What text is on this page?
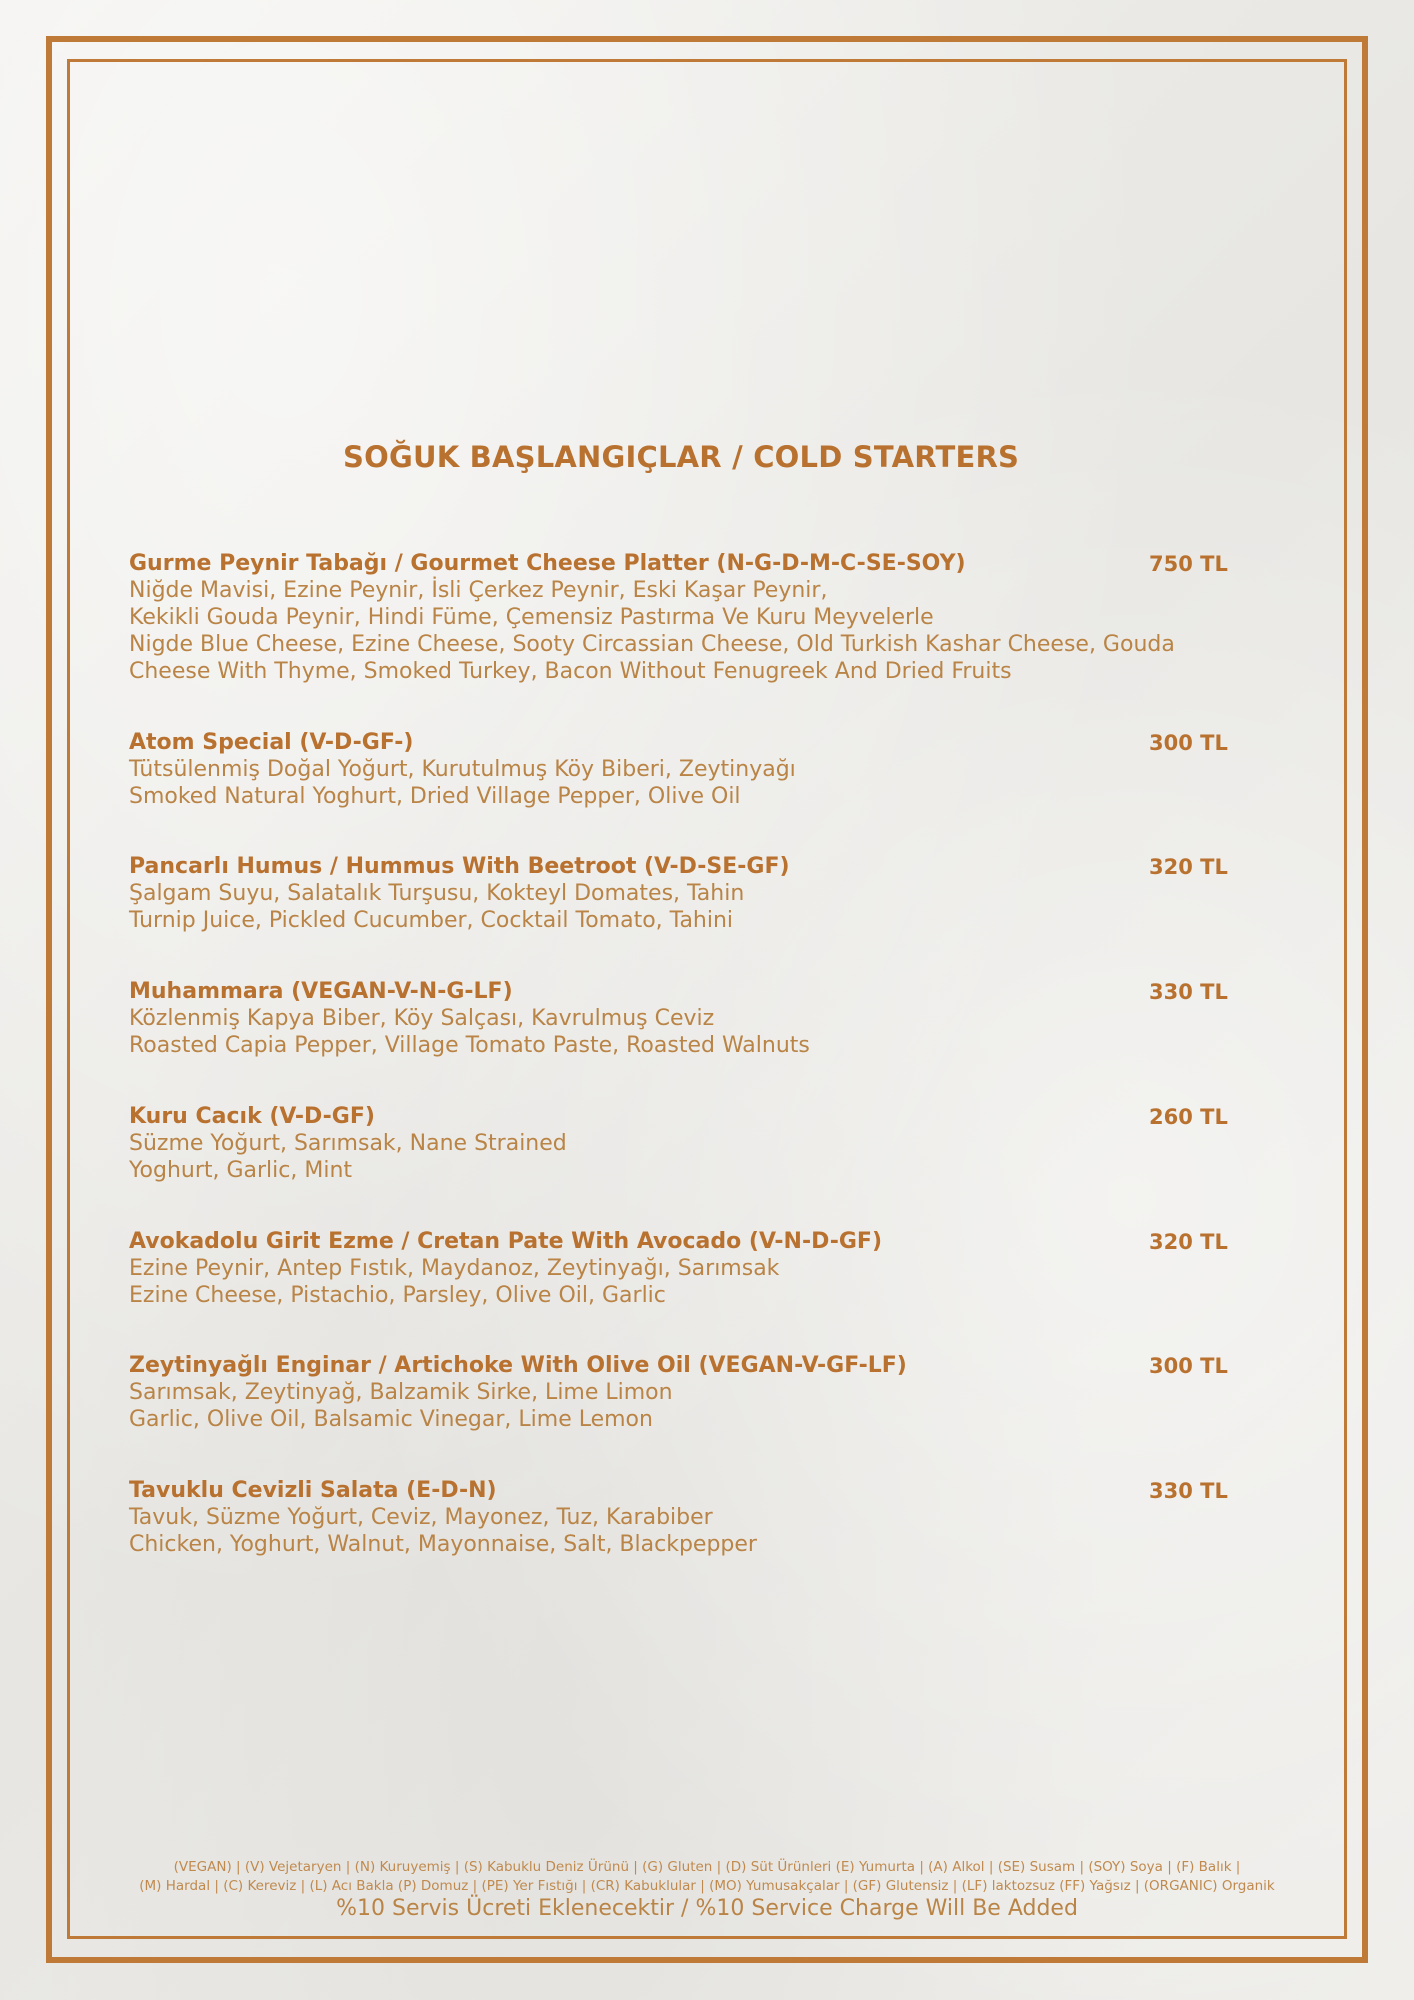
SOĞUK BAŞLANGIÇLAR / COLD STARTERS
Gurme Peynir Tabağı / Gourmet Cheese Platter (N-G-D-M-C-SE-SOY)
Niğde Mavisi, Ezine Peynir, İsli Çerkez Peynir, Eski Kaşar Peynir,
Kekikli Gouda Peynir, Hindi Füme, Çemensiz Pastırma Ve Kuru Meyvelerle
Nigde Blue Cheese, Ezine Cheese, Sooty Circassian Cheese, Old Turkish Kashar Cheese, Gouda
Cheese With Thyme, Smoked Turkey, Bacon Without Fenugreek And Dried Fruits
750 TL
Atom Special (V-D-GF-)
Tütsülenmiş Doğal Yoğurt, Kurutulmuş Köy Biberi, Zeytinyağı
Smoked Natural Yoghurt, Dried Village Pepper, Olive Oil
300 TL
Pancarlı Humus / Hummus With Beetroot (V-D-SE-GF)
Şalgam Suyu, Salatalık Turşusu, Kokteyl Domates, Tahin
Turnip Juice, Pickled Cucumber, Cocktail Tomato, Tahini
320 TL
Muhammara (VEGAN-V-N-G-LF)
Közlenmiş Kapya Biber, Köy Salçası, Kavrulmuş Ceviz
Roasted Capia Pepper, Village Tomato Paste, Roasted Walnuts
330 TL
Kuru Cacık (V-D-GF)
Süzme Yoğurt, Sarımsak, Nane Strained
Yoghurt, Garlic, Mint
260 TL
Avokadolu Girit Ezme / Cretan Pate With Avocado (V-N-D-GF)
Ezine Peynir, Antep Fıstık, Maydanoz, Zeytinyağı, Sarımsak
Ezine Cheese, Pistachio, Parsley, Olive Oil, Garlic
320 TL
Zeytinyağlı Enginar / Artichoke With Olive Oil (VEGAN-V-GF-LF)
Sarımsak, Zeytinyağ, Balzamik Sirke, Lime Limon
Garlic, Olive Oil, Balsamic Vinegar, Lime Lemon
300 TL
Tavuklu Cevizli Salata (E-D-N)
Tavuk, Süzme Yoğurt, Ceviz, Mayonez, Tuz, Karabiber
Chicken, Yoghurt, Walnut, Mayonnaise, Salt, Blackpepper
330 TL
(VEGAN) | (V) Vejetaryen | (N) Kuruyemiş | (S) Kabuklu Deniz Ürünü | (G) Gluten | (D) Süt Ürünleri (E) Yumurta | (A) Alkol | (SE) Susam | (SOY) Soya | (F) Balık |
(M) Hardal | (C) Kereviz | (L) Acı Bakla (P) Domuz | (PE) Yer Fıstığı | (CR) Kabuklular | (MO) Yumusakçalar | (GF) Glutensiz | (LF) laktozsuz (FF) Yağsız | (ORGANIC) Organik
%10 Servis Ücreti Eklenecektir / %10 Service Charge Will Be Added
